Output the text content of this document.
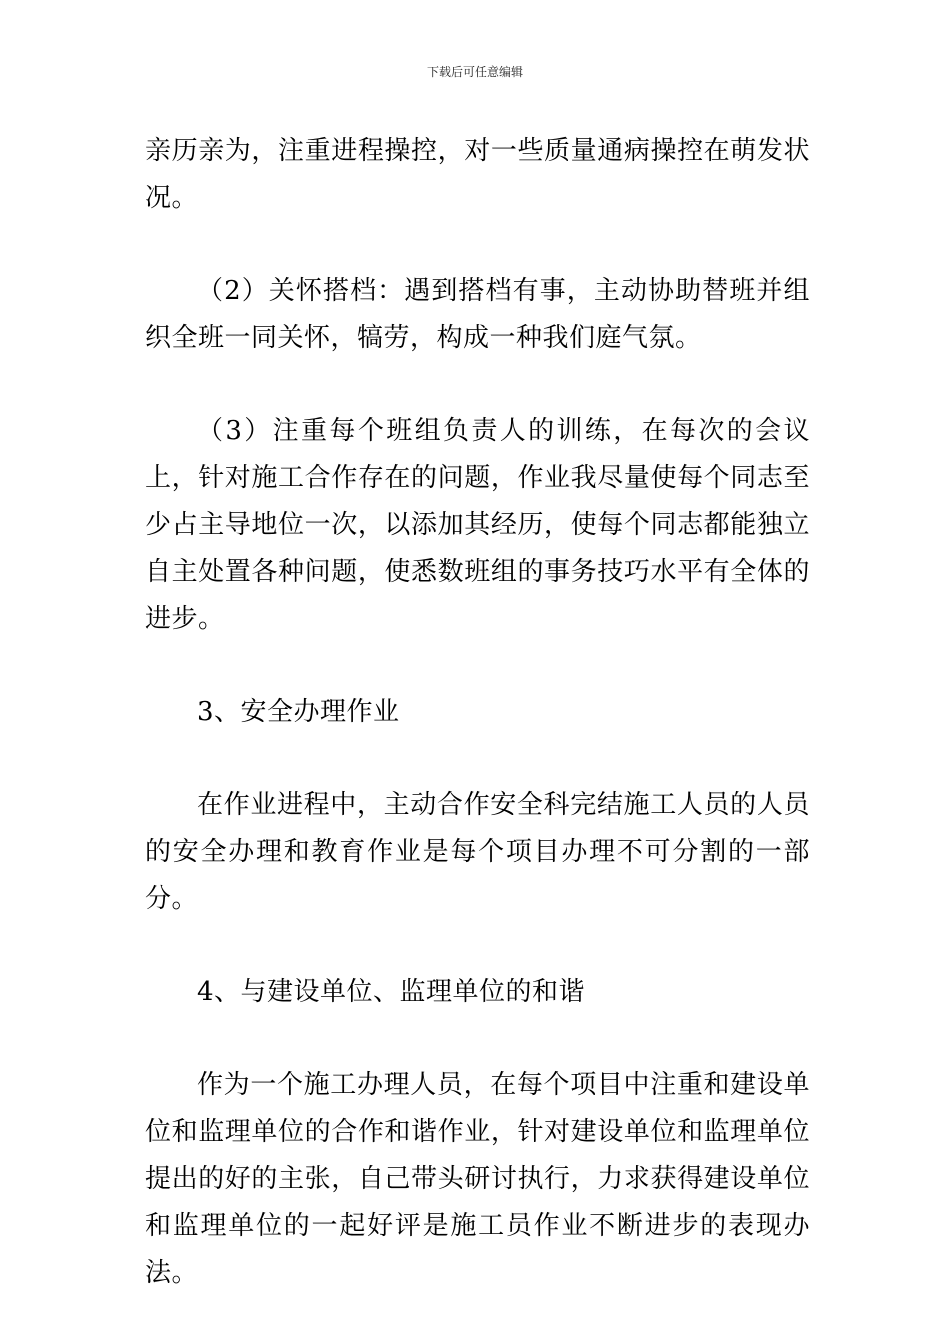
下载后可任意编辑

亲历亲为，注重进程操控，对一些质量通病操控在萌发状况。

（2）关怀搭档：遇到搭档有事，主动协助替班并组织全班一同关怀，犒劳，构成一种我们庭气氛。

（3）注重每个班组负责人的训练，在每次的会议上，针对施工合作存在的问题，作业我尽量使每个同志至少占主导地位一次，以添加其经历，使每个同志都能独立自主处置各种问题，使悉数班组的事务技巧水平有全体的进步。

3、安全办理作业

在作业进程中，主动合作安全科完结施工人员的人员的安全办理和教育作业是每个项目办理不可分割的一部分。

4、与建设单位、监理单位的和谐

作为一个施工办理人员，在每个项目中注重和建设单位和监理单位的合作和谐作业，针对建设单位和监理单位提出的好的主张，自己带头研讨执行，力求获得建设单位和监理单位的一起好评是施工员作业不断进步的表现办法。
